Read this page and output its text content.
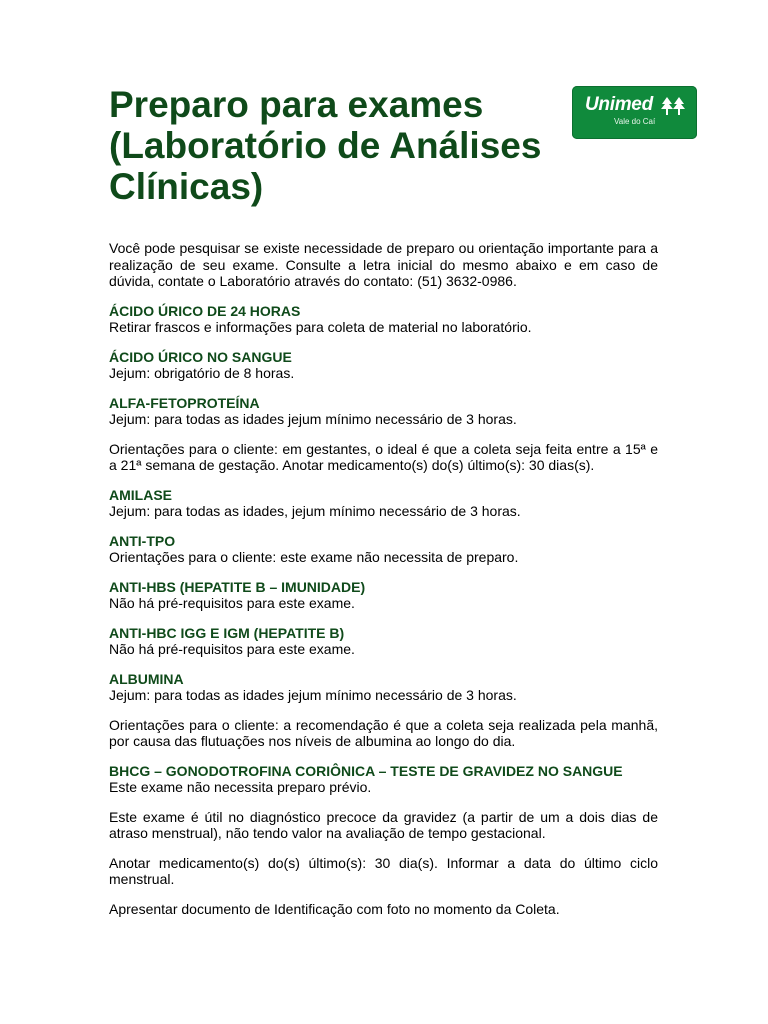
Preparo para exames (Laboratório de Análises Clínicas)
Unimed
Vale do Caí

Você pode pesquisar se existe necessidade de preparo ou orientação importante para a realização de seu exame. Consulte a letra inicial do mesmo abaixo e em caso de dúvida, contate o Laboratório através do contato: (51) 3632-0986.

ÁCIDO ÚRICO DE 24 HORAS

Retirar frascos e informações para coleta de material no laboratório.

ÁCIDO ÚRICO NO SANGUE

Jejum: obrigatório de 8 horas.

ALFA-FETOPROTEÍNA

Jejum: para todas as idades jejum mínimo necessário de 3 horas.

Orientações para o cliente: em gestantes, o ideal é que a coleta seja feita entre a 15ª e a 21ª semana de gestação. Anotar medicamento(s) do(s) último(s): 30 dias(s).

AMILASE

Jejum: para todas as idades, jejum mínimo necessário de 3 horas.

ANTI-TPO

Orientações para o cliente: este exame não necessita de preparo.

ANTI-HBS (HEPATITE B – IMUNIDADE)

Não há pré-requisitos para este exame.

ANTI-HBC IGG E IGM (HEPATITE B)

Não há pré-requisitos para este exame.

ALBUMINA

Jejum: para todas as idades jejum mínimo necessário de 3 horas.

Orientações para o cliente: a recomendação é que a coleta seja realizada pela manhã, por causa das flutuações nos níveis de albumina ao longo do dia.

BHCG – GONODOTROFINA CORIÔNICA – TESTE DE GRAVIDEZ NO SANGUE

Este exame não necessita preparo prévio.

Este exame é útil no diagnóstico precoce da gravidez (a partir de um a dois dias de atraso menstrual), não tendo valor na avaliação de tempo gestacional.

Anotar medicamento(s) do(s) último(s): 30 dia(s). Informar a data do último ciclo menstrual.

Apresentar documento de Identificação com foto no momento da Coleta.
